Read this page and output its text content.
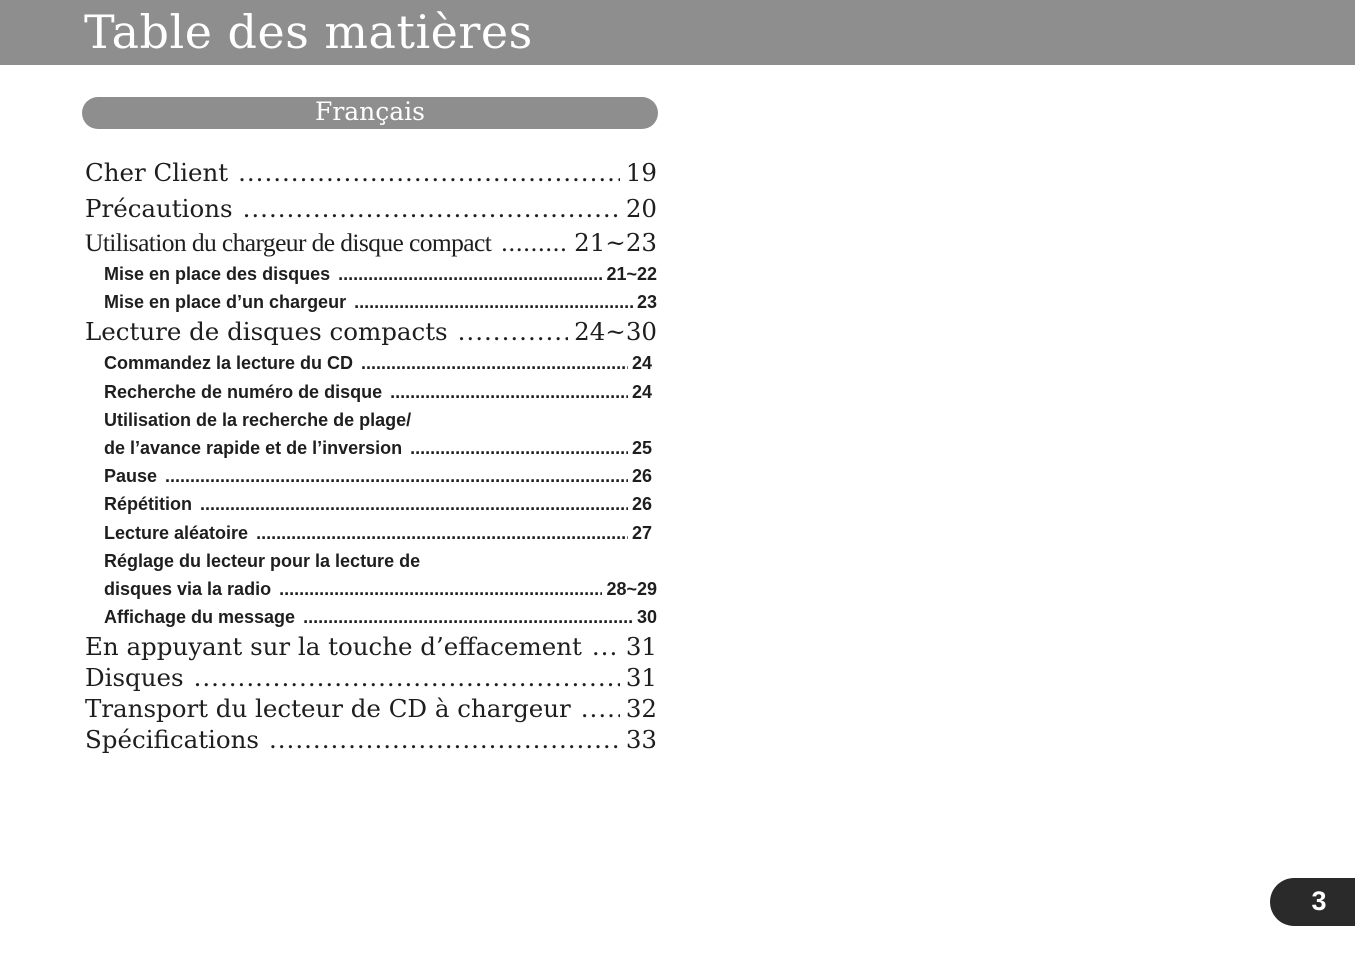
Table des matières
Français
Cher Client .....	19
Précautions .....	20
Utilisation du chargeur de disque compact .....	21~23
Mise en place des disques .....	21~22
Mise en place d’un chargeur .....	23
Lecture de disques compacts .....	24~30
Commandez la lecture du CD .....	24
Recherche de numéro de disque .....	24
Utilisation de la recherche de plage/
de l’avance rapide et de l’inversion .....	25
Pause .....	26
Répétition .....	26
Lecture aléatoire .....	27
Réglage du lecteur pour la lecture de
disques via la radio .....	28~29
Affichage du message .....	30
En appuyant sur la touche d’effacement ..... 31
Disques .....	31
Transport du lecteur de CD à chargeur ..... 32
Spécifications .....	33
3
